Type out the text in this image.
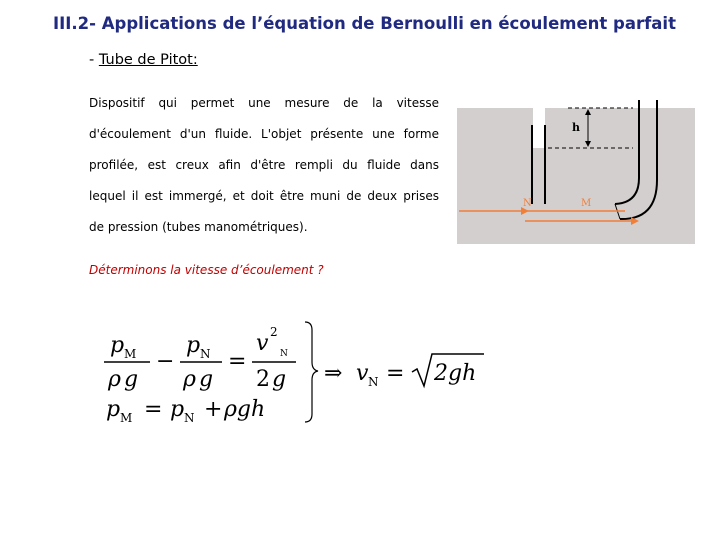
III.2- Applications de l’équation de Bernoulli en écoulement parfait
- Tube de Pitot:

Dispositif qui permet une mesure de la vitesse
d'écoulement d'un fluide. L'objet présente une forme
profilée, est creux afin d'être rempli du fluide dans
lequel il est immergé, et doit être muni de deux prises
de pression (tubes manométriques).

Déterminons la vitesse d’écoulement ?
h
N	M
p M
ρ g
−
p N
ρ g
=
v 2
N
2 g
p M = p N + ρgh
⇒ v N = 2gh
